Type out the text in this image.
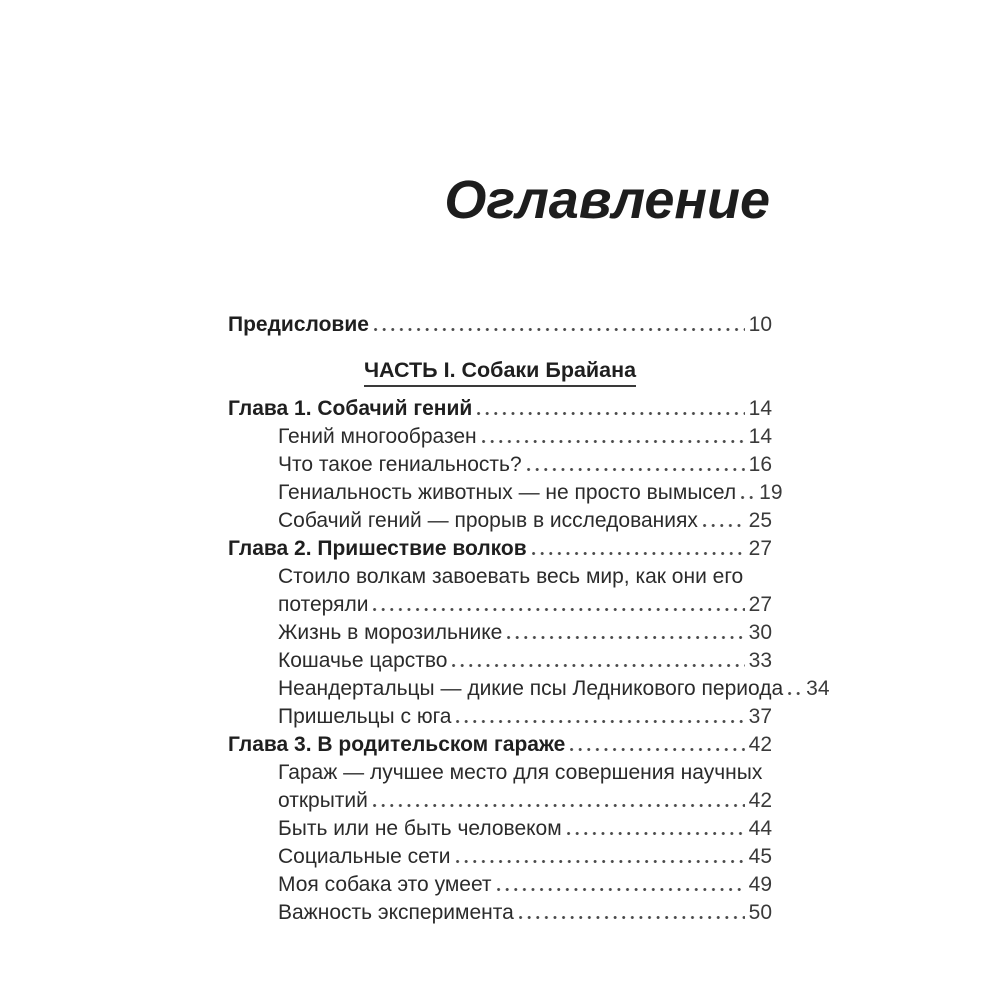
Оглавление
Предисловие	10
ЧАСТЬ I. Собаки Брайана
Глава 1. Собачий гений	14
Гений многообразен	14
Что такое гениальность?	16
Гениальность животных — не просто вымысел 19
Собачий гений — прорыв в исследованиях 25
Глава 2. Пришествие волков	27
Стоило волкам завоевать весь мир, как они его
потеряли	27
Жизнь в морозильнике	30
Кошачье царство	33
Неандертальцы — дикие псы Ледникового периода 34
Пришельцы с юга	37
Глава 3. В родительском гараже	42
Гараж — лучшее место для совершения научных
открытий	42
Быть или не быть человеком	44
Социальные сети	45
Моя собака это умеет	49
Важность эксперимента	50
